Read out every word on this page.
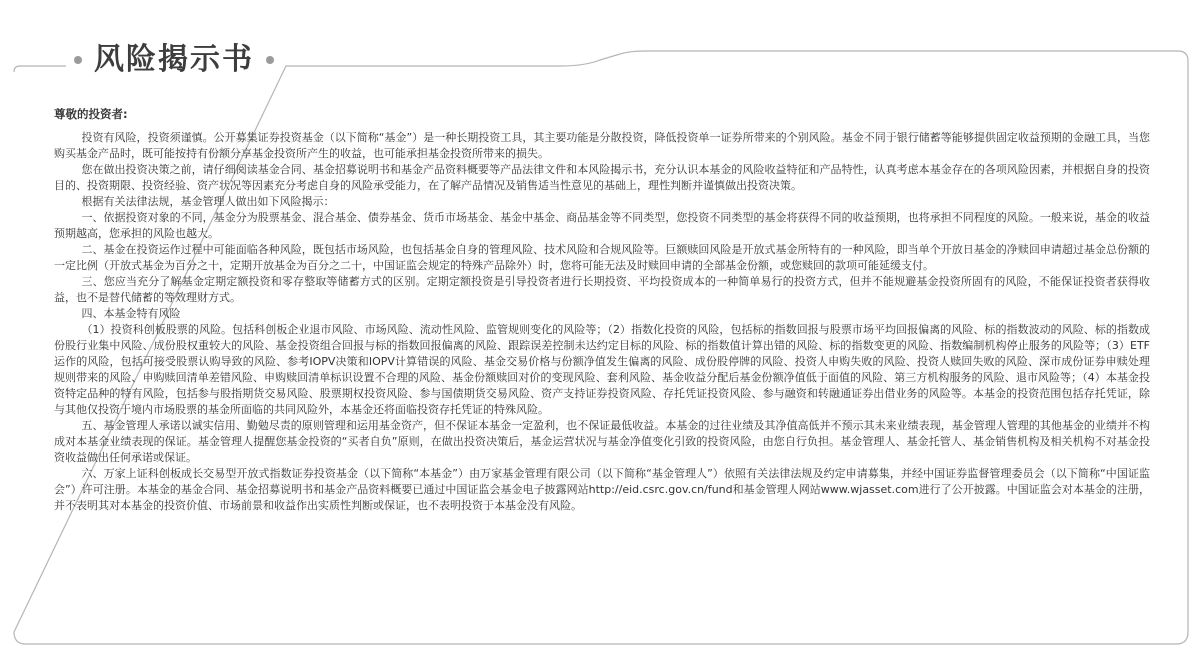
风险揭示书

尊敬的投资者:

投资有风险，投资须谨慎。公开募集证券投资基金（以下简称“基金”）是一种长期投资工具，其主要功能是分散投资，降低投资单一证券所带来的个别风险。基金不同于银行储蓄等能够提供固定收益预期的金融工具，当您购买基金产品时，既可能按持有份额分享基金投资所产生的收益，也可能承担基金投资所带来的损失。

您在做出投资决策之前，请仔细阅读基金合同、基金招募说明书和基金产品资料概要等产品法律文件和本风险揭示书，充分认识本基金的风险收益特征和产品特性，认真考虑本基金存在的各项风险因素，并根据自身的投资目的、投资期限、投资经验、资产状况等因素充分考虑自身的风险承受能力，在了解产品情况及销售适当性意见的基础上，理性判断并谨慎做出投资决策。

根据有关法律法规，基金管理人做出如下风险揭示：

一、依据投资对象的不同，基金分为股票基金、混合基金、债券基金、货币市场基金、基金中基金、商品基金等不同类型，您投资不同类型的基金将获得不同的收益预期，也将承担不同程度的风险。一般来说，基金的收益预期越高，您承担的风险也越大。

二、基金在投资运作过程中可能面临各种风险，既包括市场风险，也包括基金自身的管理风险、技术风险和合规风险等。巨额赎回风险是开放式基金所特有的一种风险，即当单个开放日基金的净赎回申请超过基金总份额的一定比例（开放式基金为百分之十，定期开放基金为百分之二十，中国证监会规定的特殊产品除外）时，您将可能无法及时赎回申请的全部基金份额，或您赎回的款项可能延缓支付。

三、您应当充分了解基金定期定额投资和零存整取等储蓄方式的区别。定期定额投资是引导投资者进行长期投资、平均投资成本的一种简单易行的投资方式，但并不能规避基金投资所固有的风险，不能保证投资者获得收益，也不是替代储蓄的等效理财方式。

四、本基金特有风险

（1）投资科创板股票的风险。包括科创板企业退市风险、市场风险、流动性风险、监管规则变化的风险等；（2）指数化投资的风险，包括标的指数回报与股票市场平均回报偏离的风险、标的指数波动的风险、标的指数成份股行业集中风险、成份股权重较大的风险、基金投资组合回报与标的指数回报偏离的风险、跟踪误差控制未达约定目标的风险、标的指数值计算出错的风险、标的指数变更的风险、指数编制机构停止服务的风险等；（3）ETF运作的风险，包括可接受股票认购导致的风险、参考IOPV决策和IOPV计算错误的风险、基金交易价格与份额净值发生偏离的风险、成份股停牌的风险、投资人申购失败的风险、投资人赎回失败的风险、深市成份证券申赎处理规则带来的风险、申购赎回清单差错风险、申购赎回清单标识设置不合理的风险、基金份额赎回对价的变现风险、套利风险、基金收益分配后基金份额净值低于面值的风险、第三方机构服务的风险、退市风险等；（4）本基金投资特定品种的特有风险，包括参与股指期货交易风险、股票期权投资风险、参与国债期货交易风险、资产支持证券投资风险、存托凭证投资风险、参与融资和转融通证券出借业务的风险等。本基金的投资范围包括存托凭证，除与其他仅投资于境内市场股票的基金所面临的共同风险外，本基金还将面临投资存托凭证的特殊风险。

五、基金管理人承诺以诚实信用、勤勉尽责的原则管理和运用基金资产，但不保证本基金一定盈利，也不保证最低收益。本基金的过往业绩及其净值高低并不预示其未来业绩表现，基金管理人管理的其他基金的业绩并不构成对本基金业绩表现的保证。基金管理人提醒您基金投资的“买者自负”原则，在做出投资决策后，基金运营状况与基金净值变化引致的投资风险，由您自行负担。基金管理人、基金托管人、基金销售机构及相关机构不对基金投资收益做出任何承诺或保证。

六、万家上证科创板成长交易型开放式指数证券投资基金（以下简称“本基金”）由万家基金管理有限公司（以下简称“基金管理人”）依照有关法律法规及约定申请募集，并经中国证券监督管理委员会（以下简称“中国证监会”）许可注册。本基金的基金合同、基金招募说明书和基金产品资料概要已通过中国证监会基金电子披露网站http://eid.csrc.gov.cn/fund和基金管理人网站www.wjasset.com进行了公开披露。中国证监会对本基金的注册，并不表明其对本基金的投资价值、市场前景和收益作出实质性判断或保证，也不表明投资于本基金没有风险。
